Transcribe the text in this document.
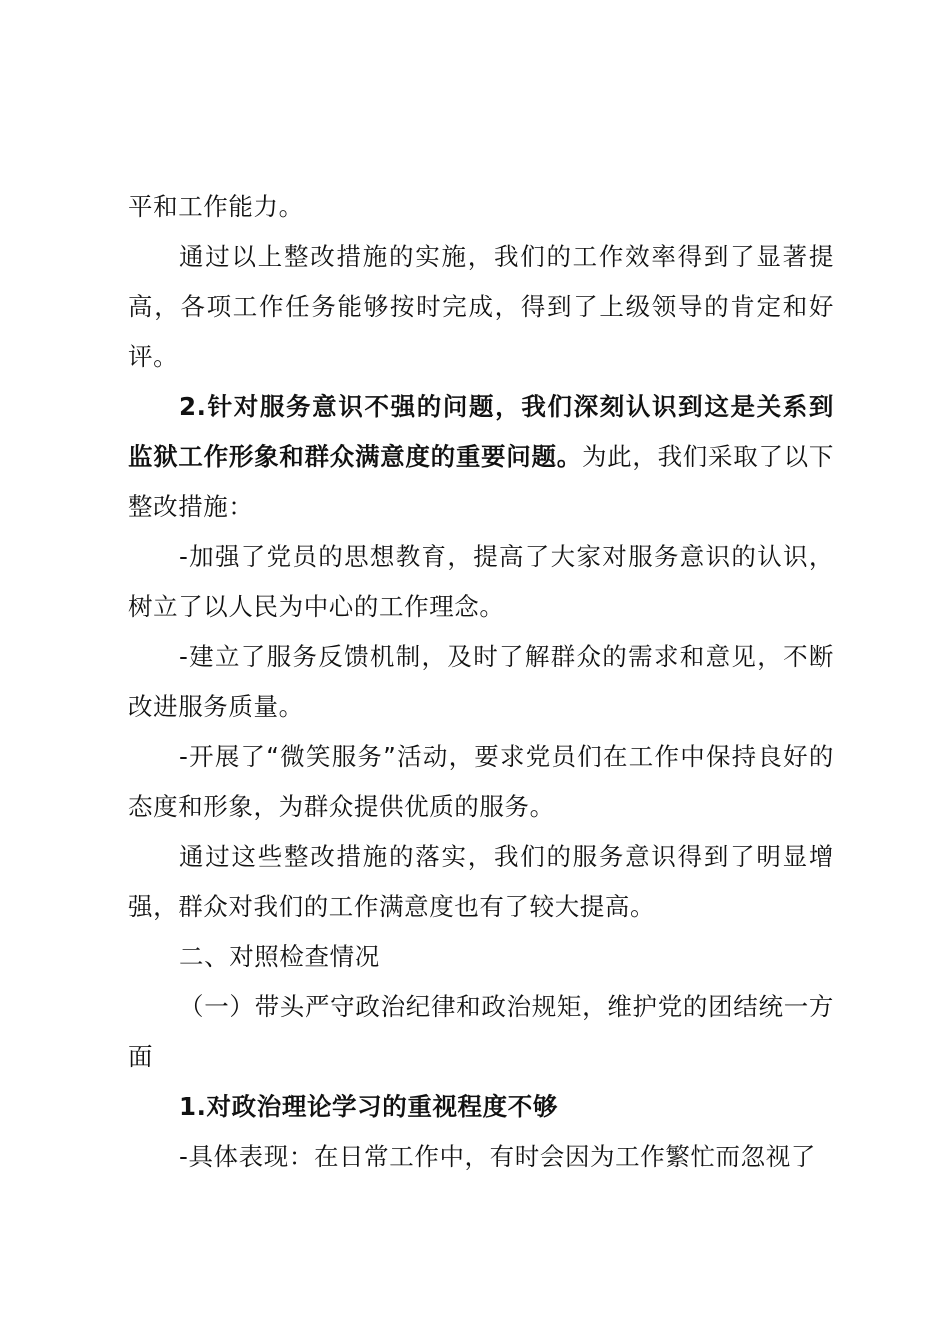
平和工作能力。

通过以上整改措施的实施，我们的工作效率得到了显著提高，各项工作任务能够按时完成，得到了上级领导的肯定和好评。

2.针对服务意识不强的问题，我们深刻认识到这是关系到监狱工作形象和群众满意度的重要问题。为此，我们采取了以下整改措施：

-加强了党员的思想教育，提高了大家对服务意识的认识，树立了以人民为中心的工作理念。

-建立了服务反馈机制，及时了解群众的需求和意见，不断改进服务质量。

-开展了“微笑服务”活动，要求党员们在工作中保持良好的态度和形象，为群众提供优质的服务。

通过这些整改措施的落实，我们的服务意识得到了明显增强，群众对我们的工作满意度也有了较大提高。

二、对照检查情况

（一）带头严守政治纪律和政治规矩，维护党的团结统一方面

1.对政治理论学习的重视程度不够

-具体表现：在日常工作中，有时会因为工作繁忙而忽视了
